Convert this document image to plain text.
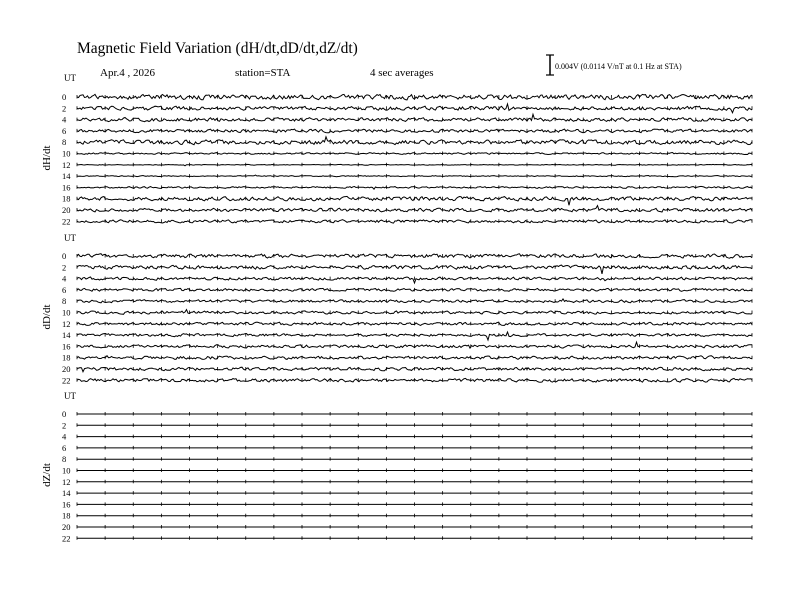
Magnetic Field Variation (dH/dt,dD/dt,dZ/dt)
Apr.4 , 2026	station=STA	4 sec averages
0.004V (0.0114 V/nT at 0.1 Hz at STA)
UT
dH/dt
0
2
4
6
8
10
12
14
16
18
20
22
UT
dD/dt
0
2
4
6
8
10
12
14
16
18
20
22
UT
dZ/dt
0
2
4
6
8
10
12
14
16
18
20
22
